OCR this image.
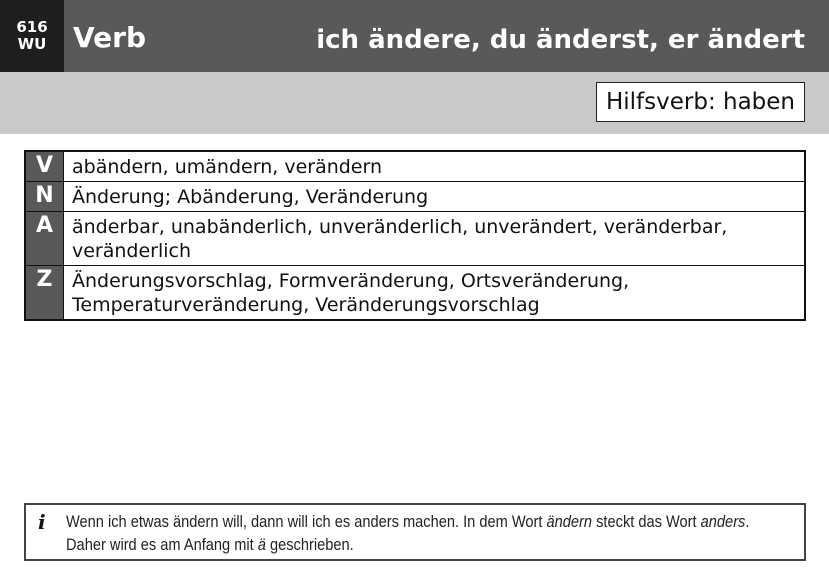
616
WU Verb	ich ändere, du änderst, er ändert
Hilfsverb: haben
V abändern, umändern, verändern
N Änderung; Abänderung, Veränderung
A änderbar, unabänderlich, unveränderlich, unverändert, veränderbar, veränderlich
Z	Änderungsvorschlag, Formveränderung, Ortsveränderung, Temperaturveränderung, Veränderungsvorschlag
i	Wenn ich etwas ändern will, dann will ich es anders machen. In dem Wort ändern steckt das Wort anders.
Daher wird es am Anfang mit ä geschrieben.
